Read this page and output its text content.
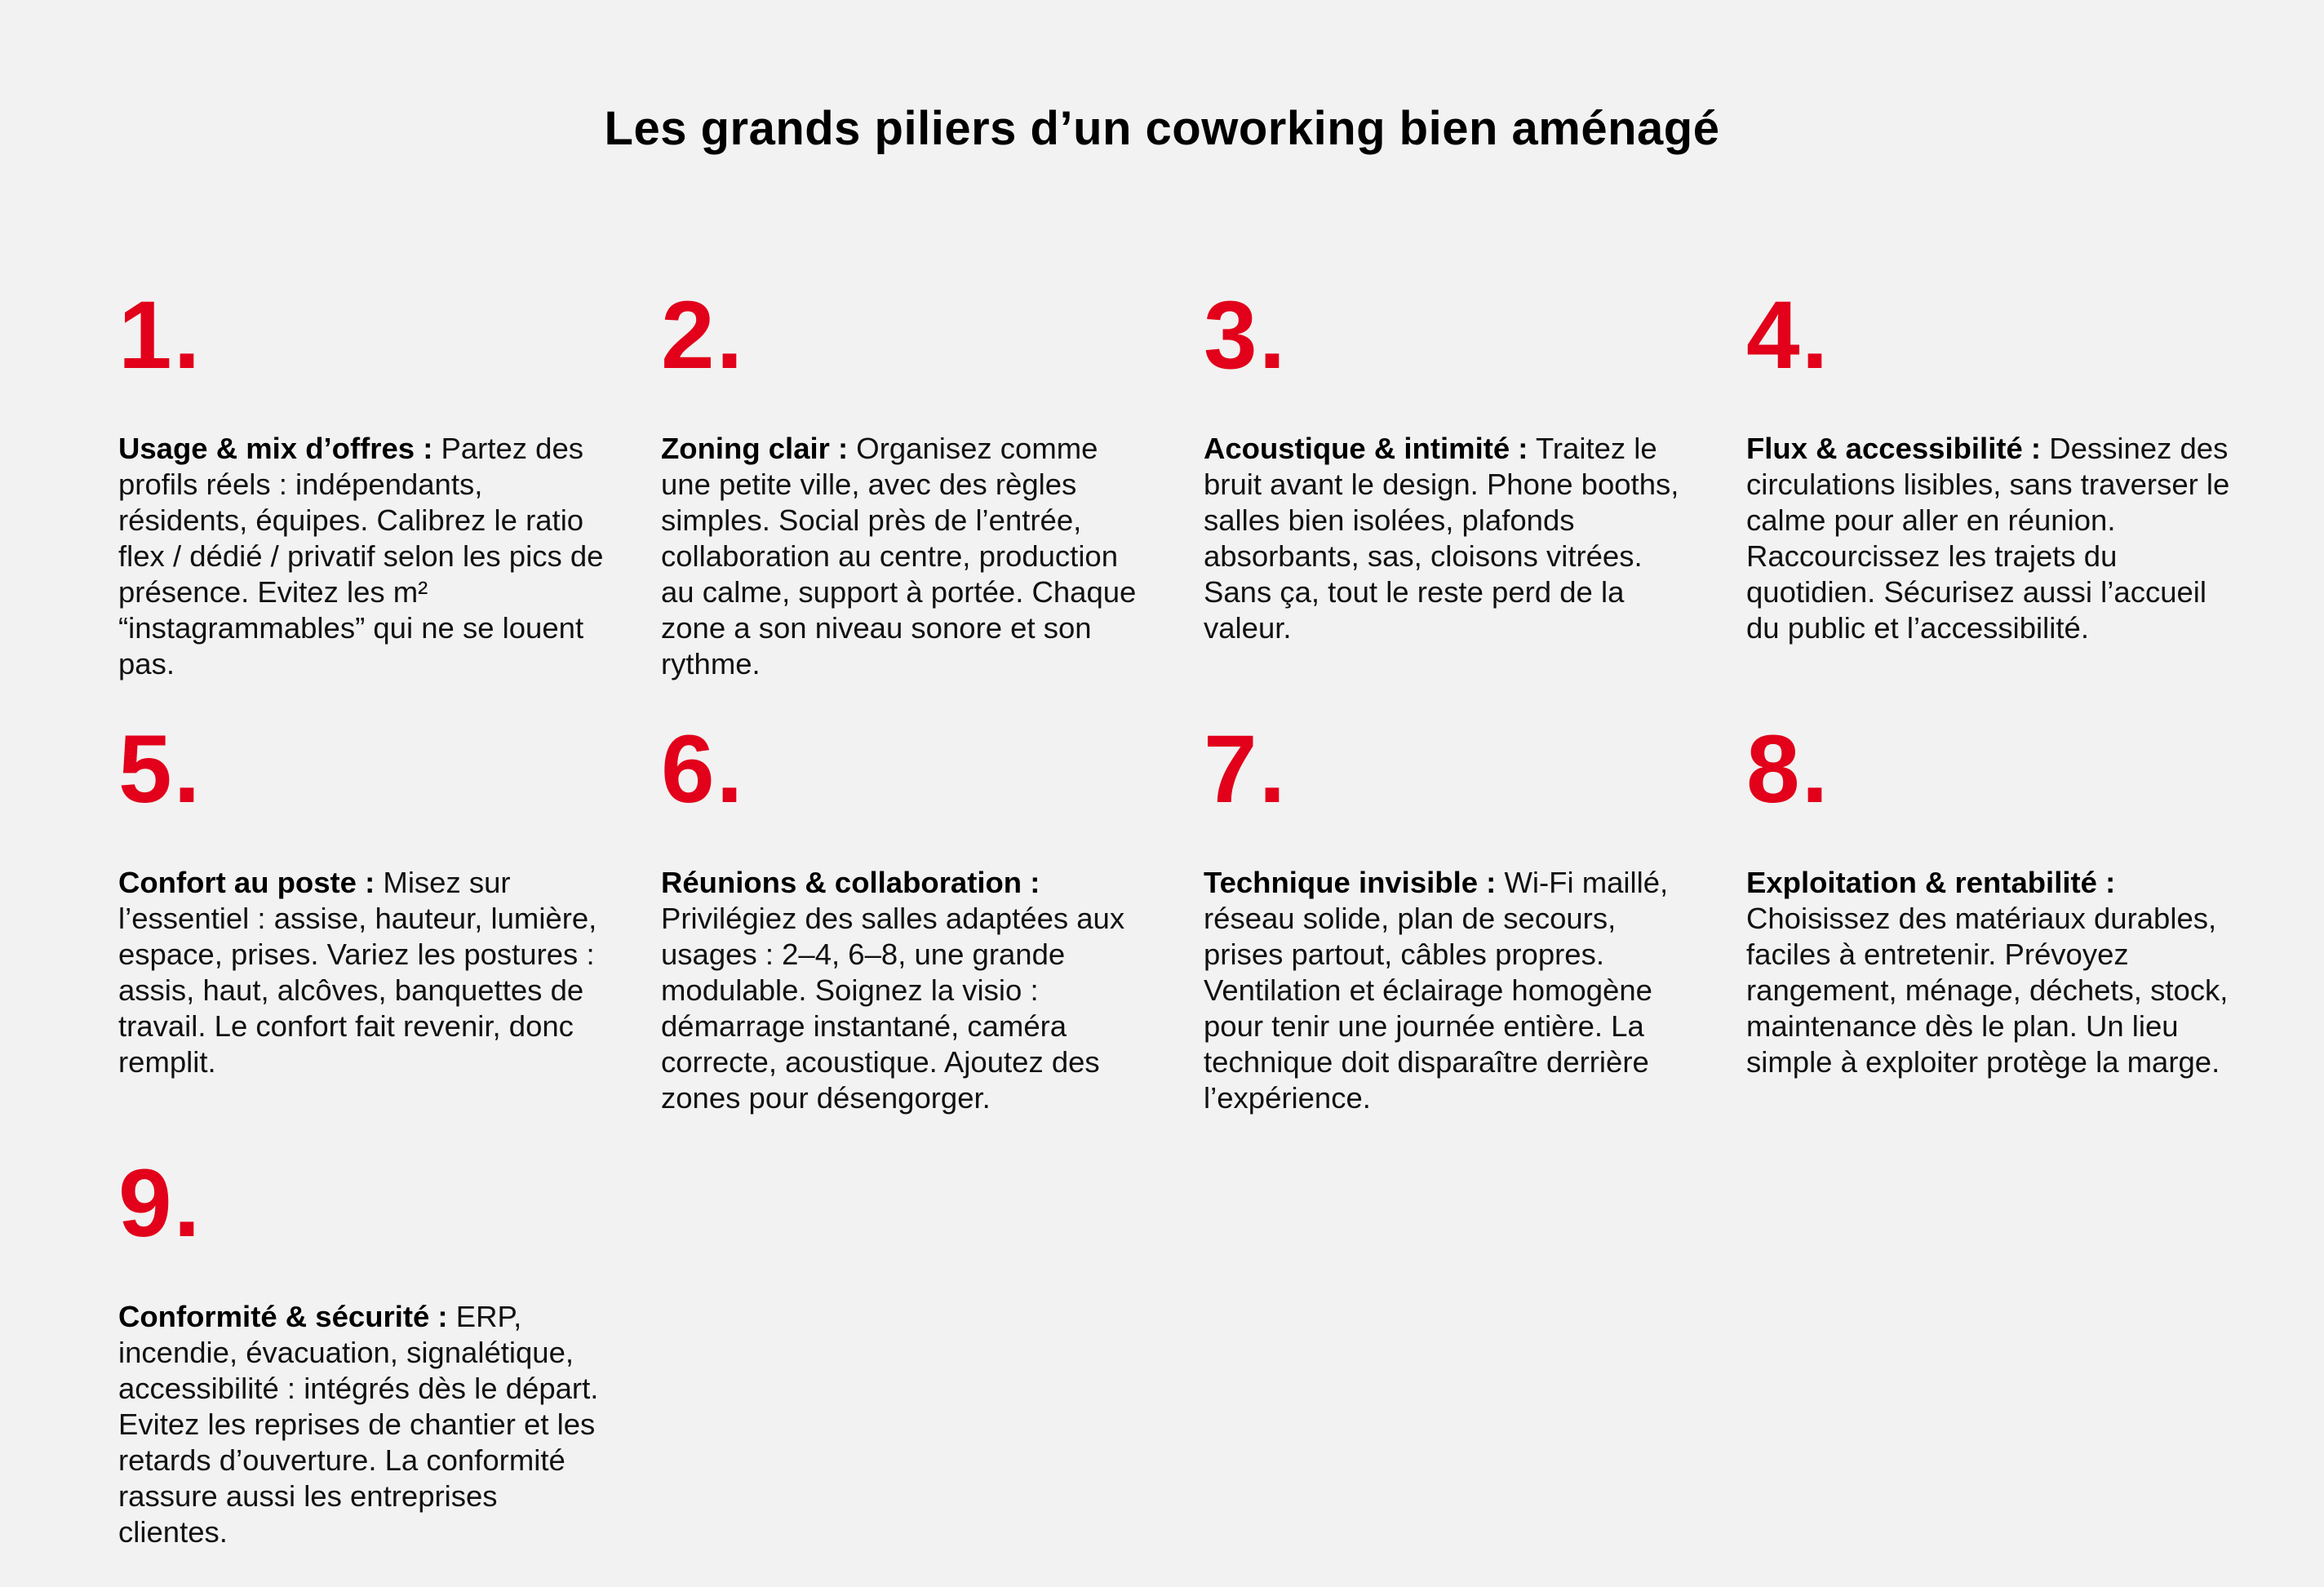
Les grands piliers d’un coworking bien aménagé
1.

Usage & mix d’offres : Partez des profils réels : indépendants, résidents, équipes. Calibrez le ratio flex / dédié / privatif selon les pics de présence. Evitez les m² “instagrammables” qui ne se louent pas.

2.

Zoning clair : Organisez comme une petite ville, avec des règles simples. Social près de l’entrée, collaboration au centre, production au calme, support à portée. Chaque zone a son niveau sonore et son rythme.

3.

Acoustique & intimité : Traitez le bruit avant le design. Phone booths, salles bien isolées, plafonds absorbants, sas, cloisons vitrées. Sans ça, tout le reste perd de la valeur.

4.

Flux & accessibilité : Dessinez des circulations lisibles, sans traverser le calme pour aller en réunion. Raccourcissez les trajets du quotidien. Sécurisez aussi l’accueil du public et l’accessibilité.

5.

Confort au poste : Misez sur l’essentiel : assise, hauteur, lumière, espace, prises. Variez les postures : assis, haut, alcôves, banquettes de travail. Le confort fait revenir, donc remplit.

6.

Réunions & collaboration : Privilégiez des salles adaptées aux usages : 2–4, 6–8, une grande modulable. Soignez la visio : démarrage instantané, caméra correcte, acoustique. Ajoutez des zones pour désengorger.

7.

Technique invisible : Wi-Fi maillé, réseau solide, plan de secours, prises partout, câbles propres. Ventilation et éclairage homogène pour tenir une journée entière. La technique doit disparaître derrière l’expérience.

8.

Exploitation & rentabilité : Choisissez des matériaux durables, faciles à entretenir. Prévoyez rangement, ménage, déchets, stock, maintenance dès le plan. Un lieu simple à exploiter protège la marge.

9.

Conformité & sécurité : ERP, incendie, évacuation, signalétique, accessibilité : intégrés dès le départ. Evitez les reprises de chantier et les retards d’ouverture. La conformité rassure aussi les entreprises clientes.
